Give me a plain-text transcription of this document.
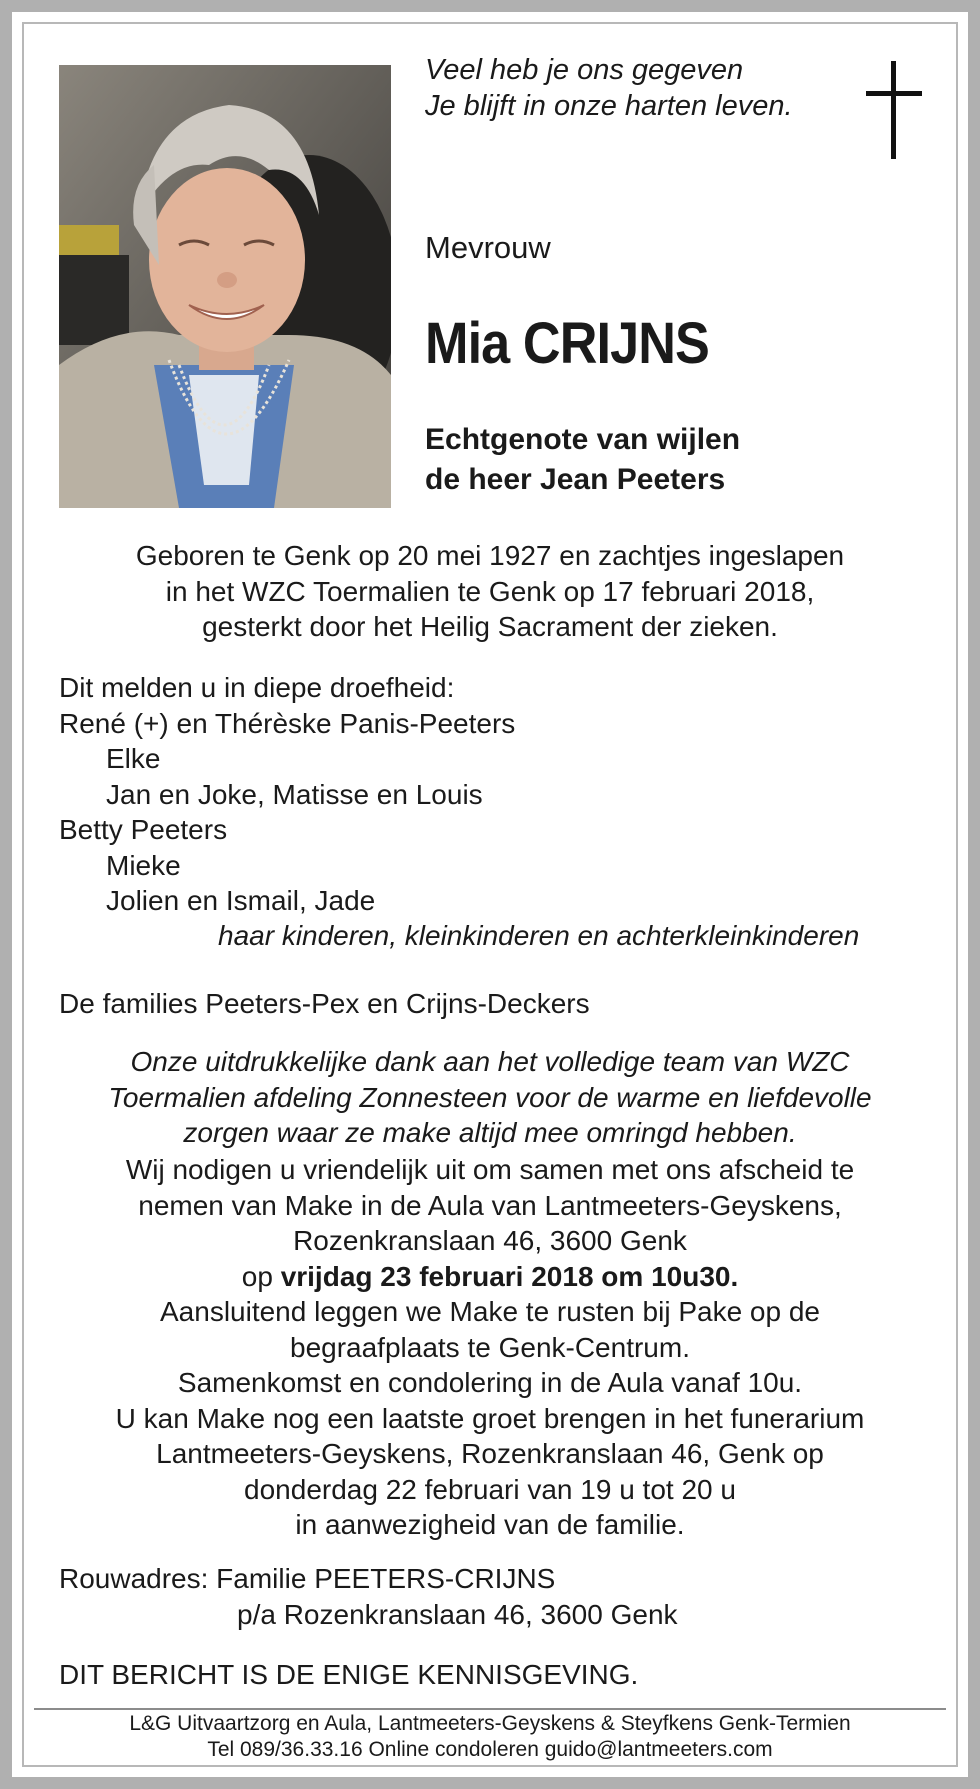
Veel heb je ons gegeven
Je blijft in onze harten leven.
Mevrouw
Mia CRIJNS
Echtgenote van wijlen
de heer Jean Peeters
Geboren te Genk op 20 mei 1927 en zachtjes ingeslapen
in het WZC Toermalien te Genk op 17 februari 2018,
gesterkt door het Heilig Sacrament der zieken.
Dit melden u in diepe droefheid:
René (+) en Thérèske Panis-Peeters
Elke
Jan en Joke, Matisse en Louis
Betty Peeters
Mieke
Jolien en Ismail, Jade
haar kinderen, kleinkinderen en achterkleinkinderen
De families Peeters-Pex en Crijns-Deckers
Onze uitdrukkelijke dank aan het volledige team van WZC
Toermalien afdeling Zonnesteen voor de warme en liefdevolle
zorgen waar ze make altijd mee omringd hebben.
Wij nodigen u vriendelijk uit om samen met ons afscheid te
nemen van Make in de Aula van Lantmeeters-Geyskens,
Rozenkranslaan 46, 3600 Genk
op vrijdag 23 februari 2018 om 10u30.
Aansluitend leggen we Make te rusten bij Pake op de
begraafplaats te Genk-Centrum.
Samenkomst en condolering in de Aula vanaf 10u.
U kan Make nog een laatste groet brengen in het funerarium
Lantmeeters-Geyskens, Rozenkranslaan 46, Genk op
donderdag 22 februari van 19 u tot 20 u
in aanwezigheid van de familie.
Rouwadres: Familie PEETERS-CRIJNS
p/a Rozenkranslaan 46, 3600 Genk
DIT BERICHT IS DE ENIGE KENNISGEVING.
L&G Uitvaartzorg en Aula, Lantmeeters-Geyskens & Steyfkens Genk-Termien
Tel 089/36.33.16 Online condoleren guido@lantmeeters.com
